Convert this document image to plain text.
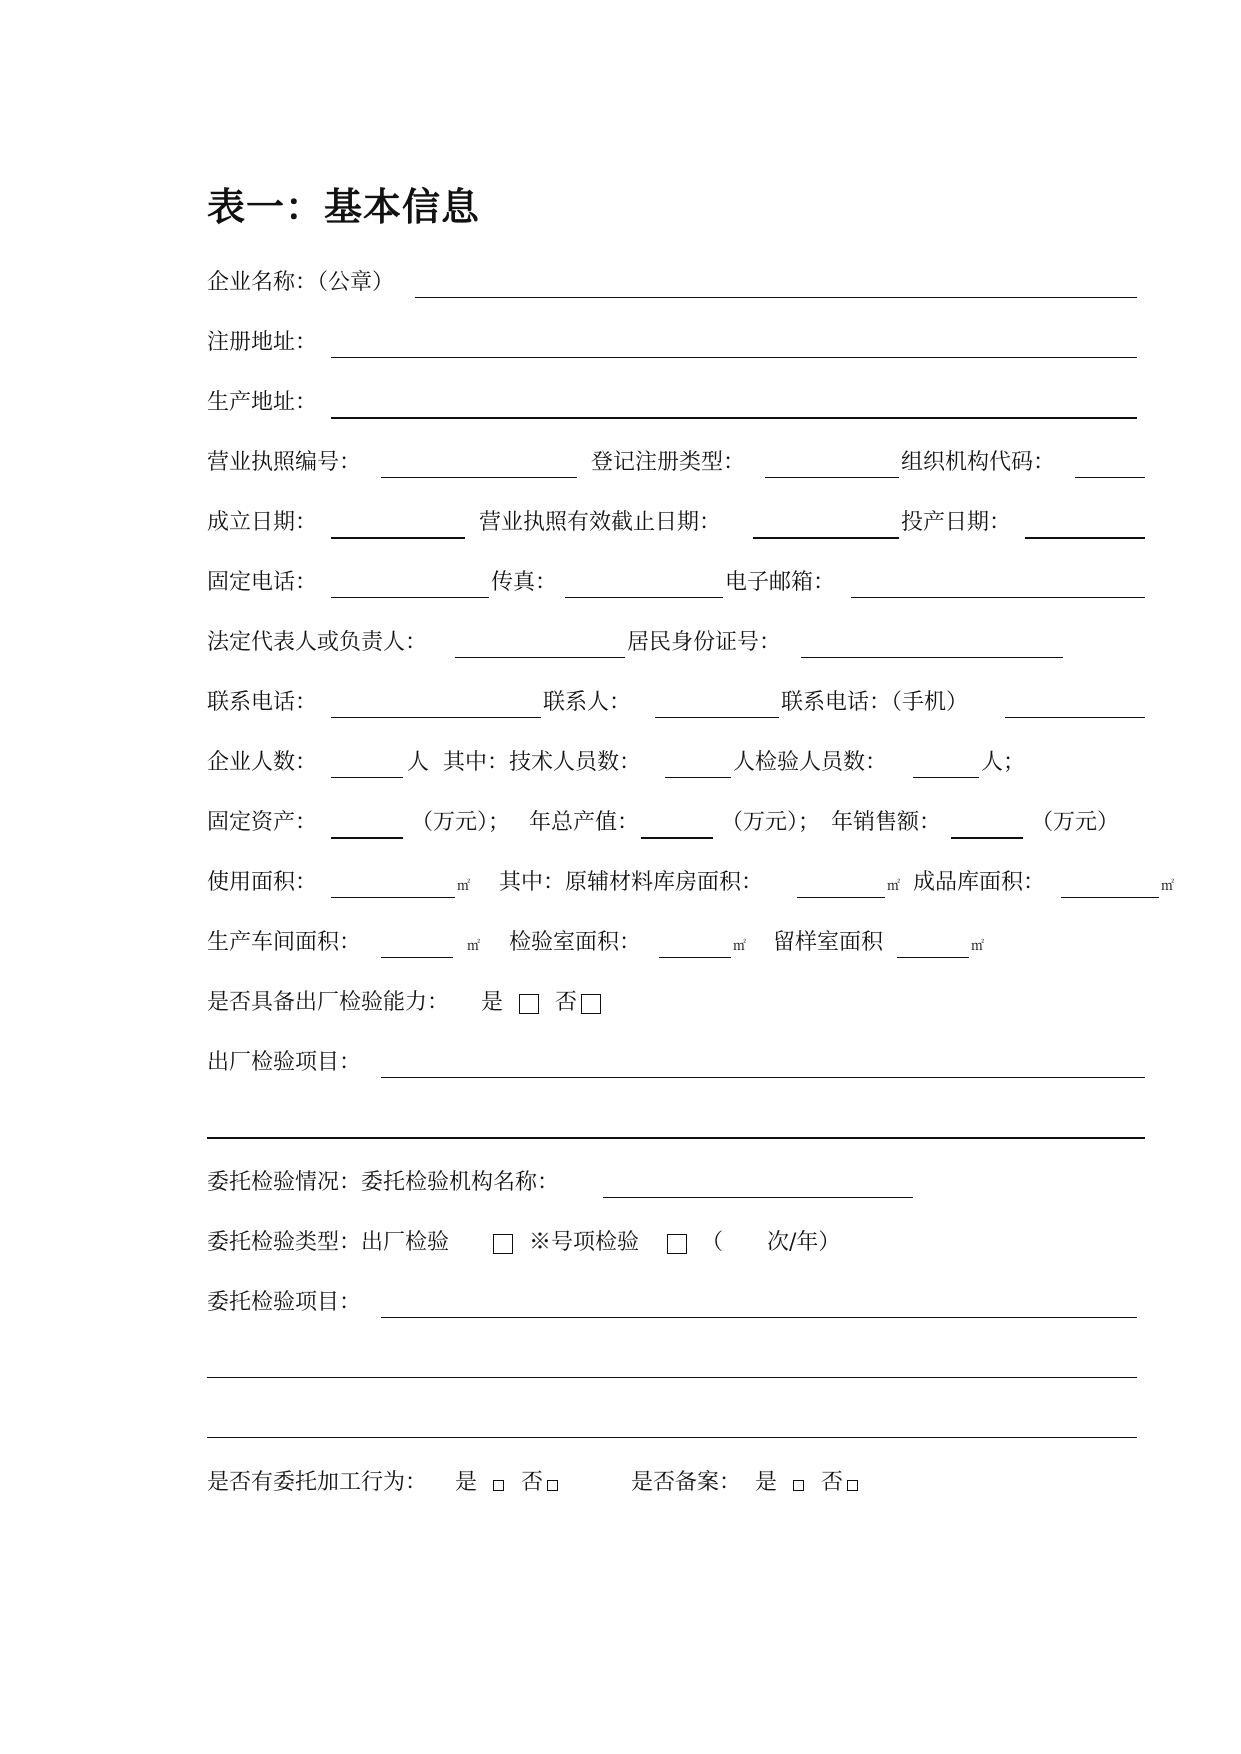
表一：基本信息
企业名称：（公章）
注册地址：
生产地址：
营业执照编号：	登记注册类型：	组织机构代码：
成立日期：	营业执照有效截止日期：	投产日期：
固定电话：	传真：	电子邮箱：
法定代表人或负责人：	居民身份证号：
联系电话：	联系人：	联系电话：（手机）
企业人数：	人 其中：技术人员数：	人 检验人员数：	人；
固定资产：	（万元）； 年总产值：	（万元）； 年销售额：	（万元）
使用面积：	㎡ 其中：原辅材料库房面积：	㎡ 成品库面积：	㎡
生产车间面积：	㎡ 检验室面积：	㎡ 留样室面积	㎡
是否具备出厂检验能力： 是 否
出厂检验项目：
委托检验情况：委托检验机构名称：
委托检验类型：出厂检验	※号项检验	（　　次/年）
委托检验项目：
是否有委托加工行为： 是 否	是否备案： 是 否
